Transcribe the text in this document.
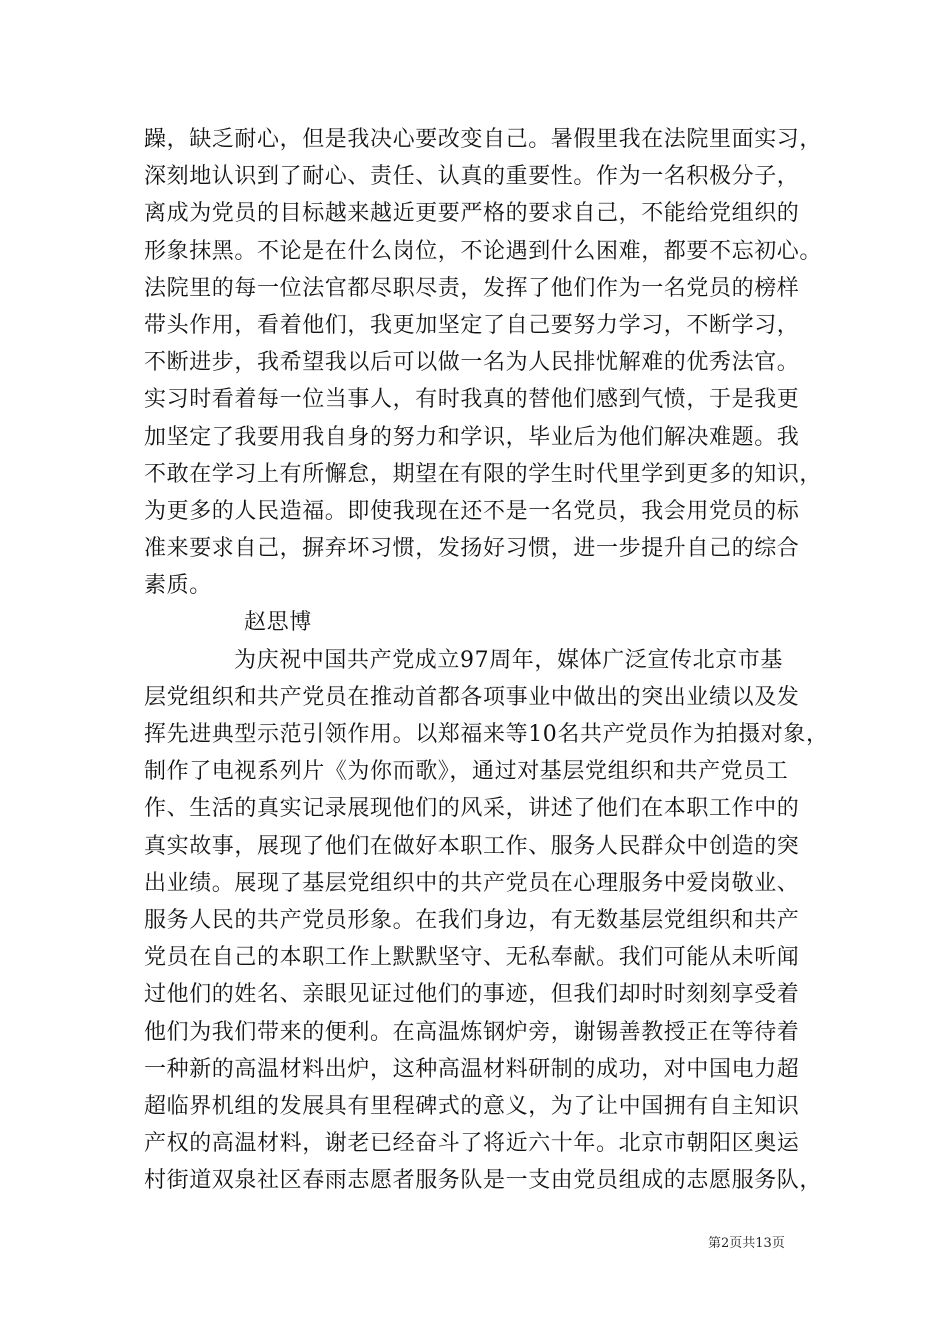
躁，缺乏耐心，但是我决心要改变自己。暑假里我在法院里面实习，
深刻地认识到了耐心、责任、认真的重要性。作为一名积极分子，
离成为党员的目标越来越近更要严格的要求自己，不能给党组织的
形象抹黑。不论是在什么岗位，不论遇到什么困难，都要不忘初心。
法院里的每一位法官都尽职尽责，发挥了他们作为一名党员的榜样
带头作用，看着他们，我更加坚定了自己要努力学习，不断学习，
不断进步，我希望我以后可以做一名为人民排忧解难的优秀法官。
实习时看着每一位当事人，有时我真的替他们感到气愤，于是我更
加坚定了我要用我自身的努力和学识，毕业后为他们解决难题。我
不敢在学习上有所懈怠，期望在有限的学生时代里学到更多的知识，
为更多的人民造福。即使我现在还不是一名党员，我会用党员的标
准来要求自己，摒弃坏习惯，发扬好习惯，进一步提升自己的综合
素质。
赵思博
为庆祝中国共产党成立97周年，媒体广泛宣传北京市基
层党组织和共产党员在推动首都各项事业中做出的突出业绩以及发
挥先进典型示范引领作用。以郑福来等10名共产党员作为拍摄对象，
制作了电视系列片《为你而歌》，通过对基层党组织和共产党员工
作、生活的真实记录展现他们的风采，讲述了他们在本职工作中的
真实故事，展现了他们在做好本职工作、服务人民群众中创造的突
出业绩。展现了基层党组织中的共产党员在心理服务中爱岗敬业、
服务人民的共产党员形象。在我们身边，有无数基层党组织和共产
党员在自己的本职工作上默默坚守、无私奉献。我们可能从未听闻
过他们的姓名、亲眼见证过他们的事迹，但我们却时时刻刻享受着
他们为我们带来的便利。在高温炼钢炉旁，谢锡善教授正在等待着
一种新的高温材料出炉，这种高温材料研制的成功，对中国电力超
超临界机组的发展具有里程碑式的意义，为了让中国拥有自主知识
产权的高温材料，谢老已经奋斗了将近六十年。北京市朝阳区奥运
村街道双泉社区春雨志愿者服务队是一支由党员组成的志愿服务队，
第2页共13页
